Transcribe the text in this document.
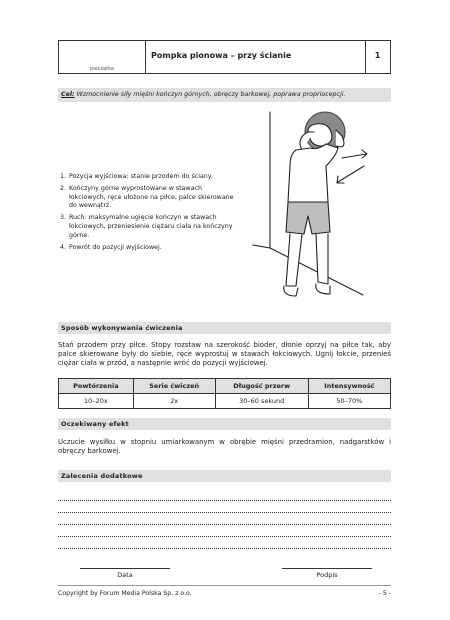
pieczątka
Pompka pionowa – przy ścianie	1
Cel: Wzmocnienie siły mięśni kończyn górnych, obręczy barkowej, poprawa propriocepcji.
1. Pozycja wyjściowa: stanie przodem do ściany.
2. Kończyny górne wyprostowane w stawach łokciowych, ręce ułożone na piłce, palce skierowane do wewnątrz.
3. Ruch: maksymalne ugięcie kończyn w stawach łokciowych, przeniesienie ciężaru ciała na kończyny górne.
4. Powrót do pozycji wyjściowej.
Sposób wykonywania ćwiczenia
Stań przodem przy piłce. Stopy rozstaw na szerokość bioder, dłonie oprzyj na piłce tak, aby palce skierowane były do siebie, ręce wyprostuj w stawach łokciowych. Ugnij łokcie, przenieś ciężar ciała w przód, a następnie wróć do pozycji wyjściowej.
Powtórzenia	Serie ćwiczeń	Długość przerw	Intensywność
10–20x	2x	30–60 sekund	50–70%
Oczekiwany efekt
Uczucie wysiłku w stopniu umiarkowanym w obrębie mięśni przedramion, nadgarstków i obręczy barkowej.
Zalecenia dodatkowe
Data	Podpis
Copyright by Forum Media Polska Sp. z o.o.	- 5 -
